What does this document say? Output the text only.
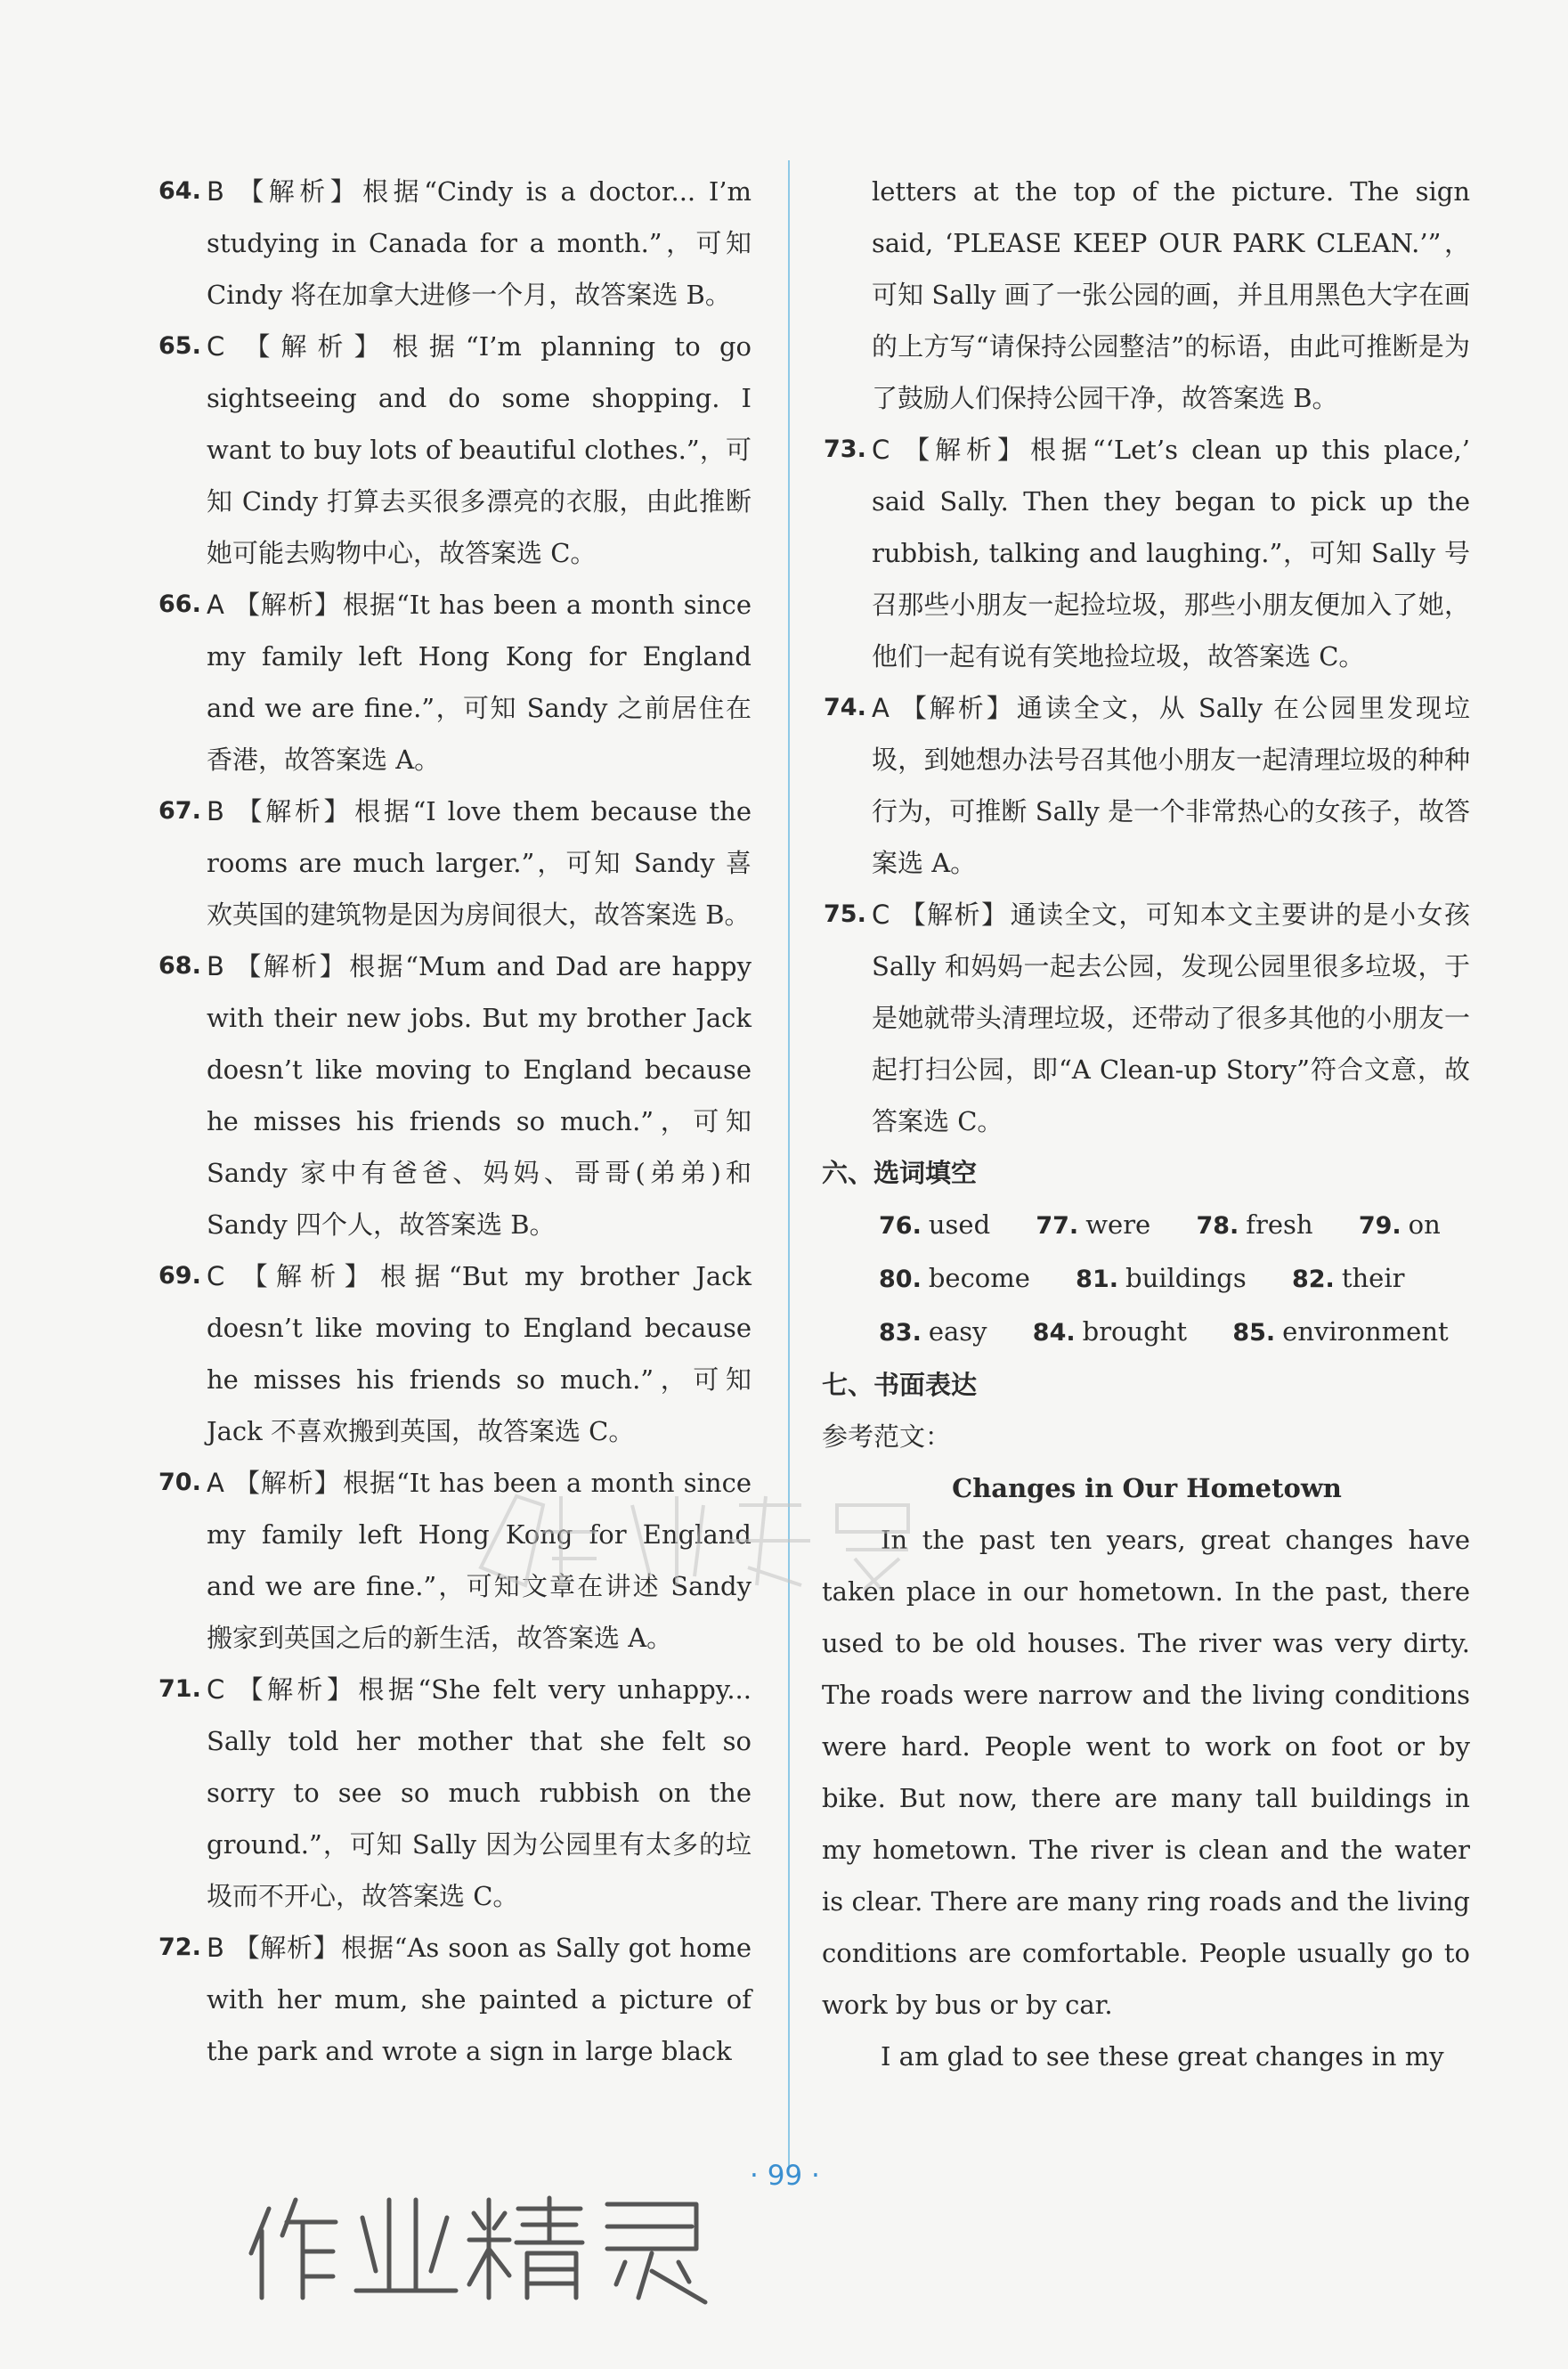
64. B 【解析】根据“Cindy is a doctor... I’m studying in Canada for a month.”，可知 Cindy 将在加拿大进修一个月，故答案选 B。
65. C 【解析】根据“I’m planning to go sightseeing and do some shopping. I want to buy lots of beautiful clothes.”，可知 Cindy 打算去买很多漂亮的衣服，由此推断她可能去购物中心，故答案选 C。
66. A 【解析】根据“It has been a month since my family left Hong Kong for England and we are fine.”，可知 Sandy 之前居住在香港，故答案选 A。
67. B 【解析】根据“I love them because the rooms are much larger.”，可知 Sandy 喜欢英国的建筑物是因为房间很大，故答案选 B。
68. B 【解析】根据“Mum and Dad are happy with their new jobs. But my brother Jack doesn’t like moving to England because he misses his friends so much.”，可知 Sandy 家中有爸爸、妈妈、哥哥(弟弟)和 Sandy 四个人，故答案选 B。
69. C 【解析】根据“But my brother Jack doesn’t like moving to England because he misses his friends so much.”，可知 Jack 不喜欢搬到英国，故答案选 C。
70. A 【解析】根据“It has been a month since my family left Hong Kong for England and we are fine.”，可知文章在讲述 Sandy 搬家到英国之后的新生活，故答案选 A。
71. C 【解析】根据“She felt very unhappy... Sally told her mother that she felt so sorry to see so much rubbish on the ground.”，可知 Sally 因为公园里有太多的垃圾而不开心，故答案选 C。
72. B 【解析】根据“As soon as Sally got home with her mum, she painted a picture of the park and wrote a sign in large black
letters at the top of the picture. The sign said, ‘PLEASE KEEP OUR PARK CLEAN.’”，可知 Sally 画了一张公园的画，并且用黑色大字在画的上方写“请保持公园整洁”的标语，由此可推断是为了鼓励人们保持公园干净，故答案选 B。
73. C 【解析】根据“‘Let’s clean up this place,’ said Sally. Then they began to pick up the rubbish, talking and laughing.”，可知 Sally 号召那些小朋友一起捡垃圾，那些小朋友便加入了她，他们一起有说有笑地捡垃圾，故答案选 C。
74. A 【解析】通读全文，从 Sally 在公园里发现垃圾，到她想办法号召其他小朋友一起清理垃圾的种种行为，可推断 Sally 是一个非常热心的女孩子，故答案选 A。
75. C 【解析】通读全文，可知本文主要讲的是小女孩 Sally 和妈妈一起去公园，发现公园里很多垃圾，于是她就带头清理垃圾，还带动了很多其他的小朋友一起打扫公园，即“A Clean-up Story”符合文意，故答案选 C。
六、选词填空
76. used 77. were 78. fresh 79. on
80. become 81. buildings 82. their
83. easy 84. brought 85. environment
七、书面表达
参考范文：
Changes in Our Hometown
In the past ten years, great changes have taken place in our hometown. In the past, there used to be old houses. The river was very dirty. The roads were narrow and the living conditions were hard. People went to work on foot or by bike. But now, there are many tall buildings in my hometown. The river is clean and the water is clear. There are many ring roads and the living conditions are comfortable. People usually go to work by bus or by car.
I am glad to see these great changes in my
· 99 ·
